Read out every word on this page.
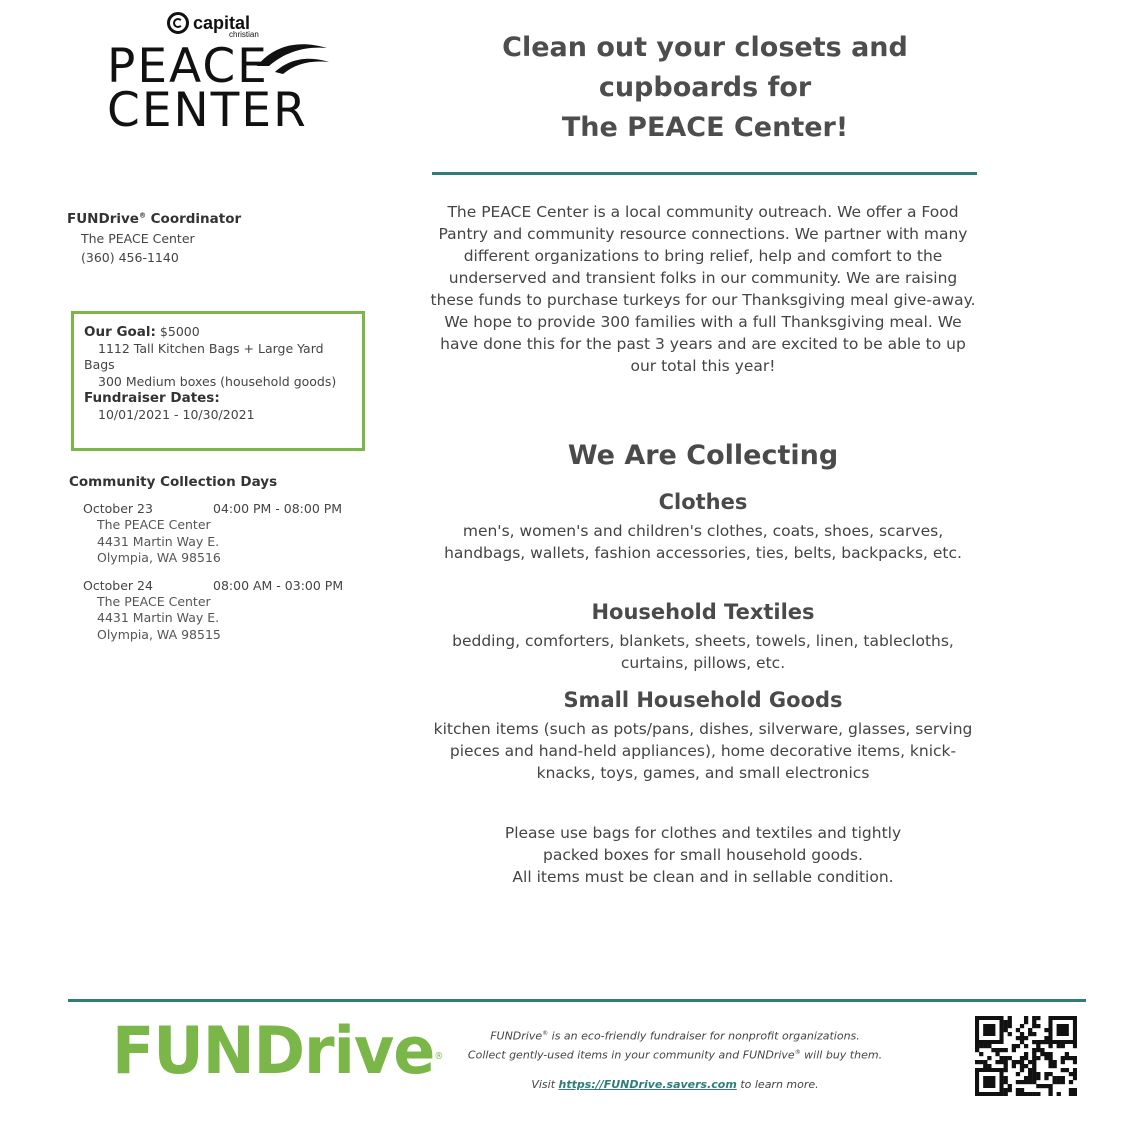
capital
christian
PEACE
CENTER
Clean out your closets and
cupboards for
The PEACE Center!
FUNDrive® Coordinator
The PEACE Center
(360) 456-1140
Our Goal: $5000
1112 Tall Kitchen Bags + Large Yard Bags
300 Medium boxes (household goods)
Fundraiser Dates:
10/01/2021 - 10/30/2021
Community Collection Days
October 23	04:00 PM - 08:00 PM
The PEACE Center
4431 Martin Way E.
Olympia, WA 98516
October 24	08:00 AM - 03:00 PM
The PEACE Center
4431 Martin Way E.
Olympia, WA 98515
The PEACE Center is a local community outreach. We offer a Food Pantry and community resource connections. We partner with many different organizations to bring relief, help and comfort to the underserved and transient folks in our community. We are raising these funds to purchase turkeys for our Thanksgiving meal give-away. We hope to provide 300 families with a full Thanksgiving meal. We have done this for the past 3 years and are excited to be able to up our total this year!
We Are Collecting
Clothes
men's, women's and children's clothes, coats, shoes, scarves, handbags, wallets, fashion accessories, ties, belts, backpacks, etc.
Household Textiles
bedding, comforters, blankets, sheets, towels, linen, tablecloths, curtains, pillows, etc.
Small Household Goods
kitchen items (such as pots/pans, dishes, silverware, glasses, serving pieces and hand-held appliances), home decorative items, knick-knacks, toys, games, and small electronics
Please use bags for clothes and textiles and tightly
packed boxes for small household goods.
All items must be clean and in sellable condition.
FUNDrive®
FUNDrive® is an eco-friendly fundraiser for nonprofit organizations.
Collect gently-used items in your community and FUNDrive® will buy them.
Visit https://FUNDrive.savers.com to learn more.
